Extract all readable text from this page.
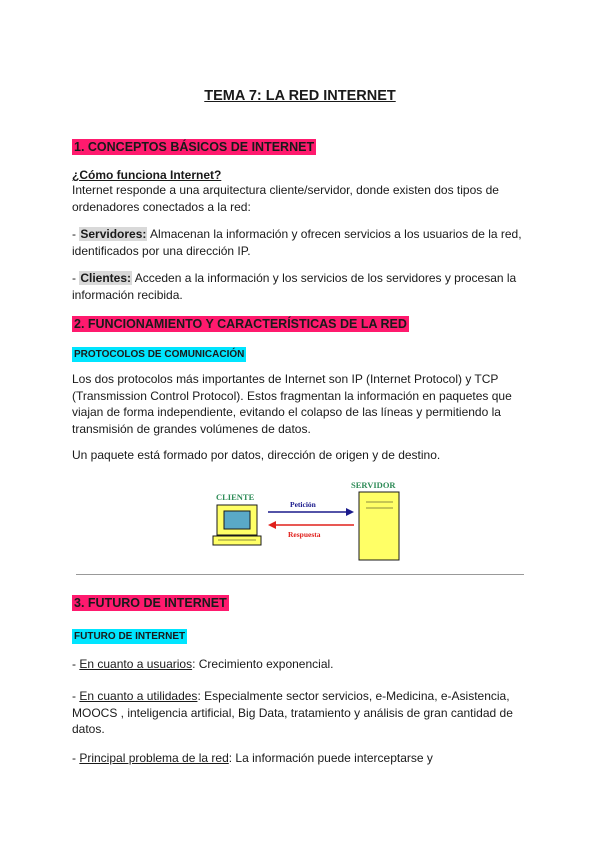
TEMA 7: LA RED INTERNET
1. CONCEPTOS BÁSICOS DE INTERNET
¿Cómo funciona Internet?
Internet responde a una arquitectura cliente/servidor, donde existen dos tipos de ordenadores conectados a la red:
- Servidores: Almacenan la información y ofrecen servicios a los usuarios de la red, identificados por una dirección IP.
- Clientes: Acceden a la información y los servicios de los servidores y procesan la información recibida.
2. FUNCIONAMIENTO Y CARACTERÍSTICAS DE LA RED
PROTOCOLOS DE COMUNICACIÓN
Los dos protocolos más importantes de Internet son IP (Internet Protocol) y TCP (Transmission Control Protocol). Estos fragmentan la información en paquetes que viajan de forma independiente, evitando el colapso de las líneas y permitiendo la transmisión de grandes volúmenes de datos.
Un paquete está formado por datos, dirección de origen y de destino.
CLIENTE
SERVIDOR
Petición
Respuesta
3. FUTURO DE INTERNET
FUTURO DE INTERNET
- En cuanto a usuarios: Crecimiento exponencial.
- En cuanto a utilidades: Especialmente sector servicios, e-Medicina, e-Asistencia, MOOCS , inteligencia artificial, Big Data, tratamiento y análisis de gran cantidad de datos.
- Principal problema de la red: La información puede interceptarse y
